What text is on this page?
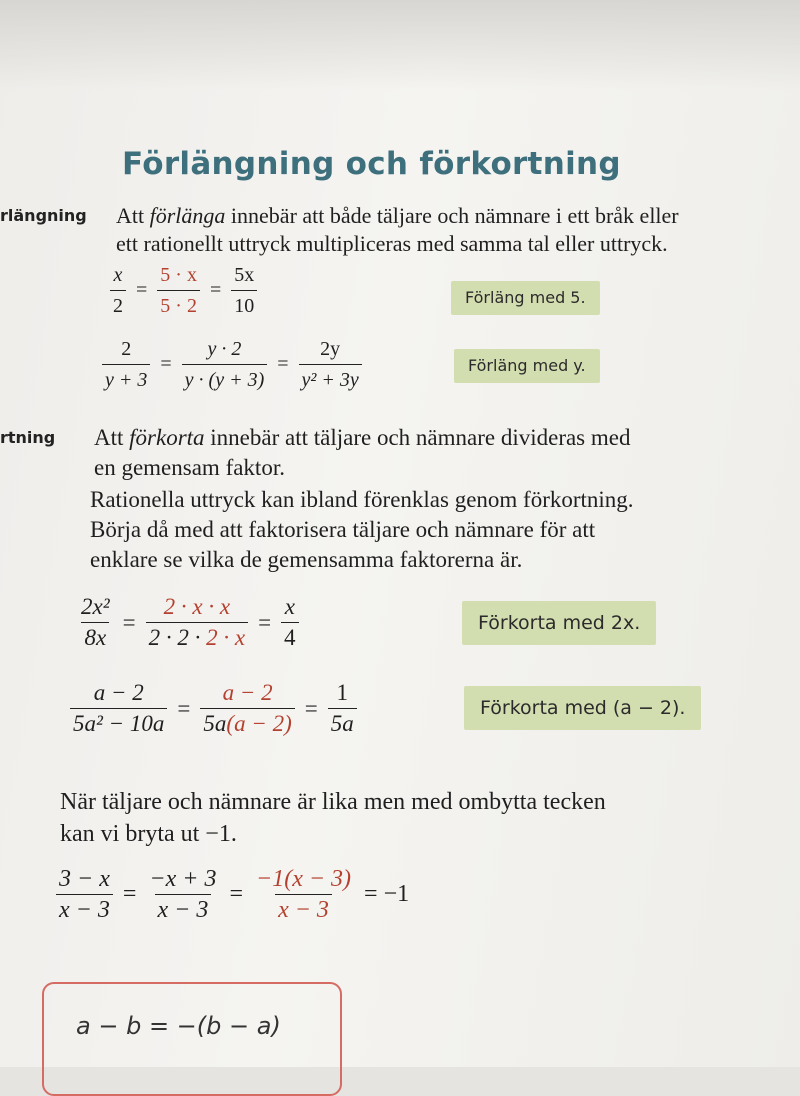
Förlängning och förkortning
rlängning Att förlänga innebär att både täljare och nämnare i ett bråk eller
ett rationellt uttryck multipliceras med samma tal eller uttryck.
$\frac{x}{2} = \frac{5 \cdot x}{5 \cdot 2} = \frac{5x}{10}$	Förläng med 5.
$\frac{2}{y + 3} = \frac{y \cdot 2}{y \cdot (y + 3)} = \frac{2y}{\text{y² + 3y}}$	Förläng med y.
rtning Att förkorta innebär att täljare och nämnare divideras med
en gemensam faktor.
Rationella uttryck kan ibland förenklas genom förkortning.
Börja då med att faktorisera täljare och nämnare för att
enklare se vilka de gemensamma faktorerna är.
$\frac{\text{2x²}}{8x} = \frac{2 \cdot x \cdot x}{2 \cdot 2 \cdot 2 \cdot x} = \frac{x}{4}$	Förkorta med 2x.
$\frac{a - 2}{\text{5a² − 10a}} = \frac{a - 2}{5a(a - 2)} = \frac{1}{5a}$	Förkorta med (a − 2).
När täljare och nämnare är lika men med ombytta tecken
kan vi bryta ut −1.
$\frac{3 - x}{x - 3} = \frac{-x + 3}{x - 3} = \frac{-1(x - 3)}{x - 3} = -1$
a − b = −(b − a)
